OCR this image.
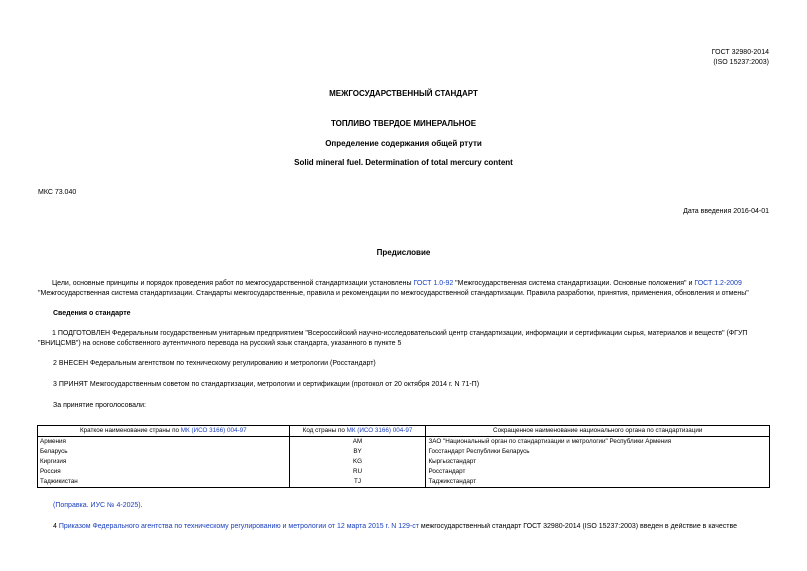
ГОСТ 32980-2014
(ISO 15237:2003)
МЕЖГОСУДАРСТВЕННЫЙ СТАНДАРТ
ТОПЛИВО ТВЕРДОЕ МИНЕРАЛЬНОЕ
Определение содержания общей ртути
Solid mineral fuel. Determination of total mercury content
МКС 73.040
Дата введения 2016-04-01
Предисловие
Цели, основные принципы и порядок проведения работ по межгосударственной стандартизации установлены ГОСТ 1.0-92 "Межгосударственная система стандартизации. Основные положения" и ГОСТ 1.2-2009 "Межгосударственная система стандартизации. Стандарты межгосударственные, правила и рекомендации по межгосударственной стандартизации. Правила разработки, принятия, применения, обновления и отмены"
Сведения о стандарте
1 ПОДГОТОВЛЕН Федеральным государственным унитарным предприятием "Всероссийский научно-исследовательский центр стандартизации, информации и сертификации сырья, материалов и веществ" (ФГУП "ВНИЦСМВ") на основе собственного аутентичного перевода на русский язык стандарта, указанного в пункте 5
2 ВНЕСЕН Федеральным агентством по техническому регулированию и метрологии (Росстандарт)
3 ПРИНЯТ Межгосударственным советом по стандартизации, метрологии и сертификации (протокол от 20 октября 2014 г. N 71-П)
За принятие проголосовали:
Краткое наименование страны по МК (ИСО 3166) 004-97	Код страны по МК (ИСО 3166) 004-97	Сокращенное наименование национального органа по стандартизации
Армения	AM	ЗАО "Национальный орган по стандартизации и метрологии" Республики Армения
Беларусь	BY	Госстандарт Республики Беларусь
Киргизия	KG	Кыргызстандарт
Россия	RU	Росстандарт
Таджикистан	TJ	Таджикстандарт
(Поправка. ИУС № 4-2025).
4 Приказом Федерального агентства по техническому регулированию и метрологии от 12 марта 2015 г. N 129-ст межгосударственный стандарт ГОСТ 32980-2014 (ISO 15237:2003) введен в действие в качестве
